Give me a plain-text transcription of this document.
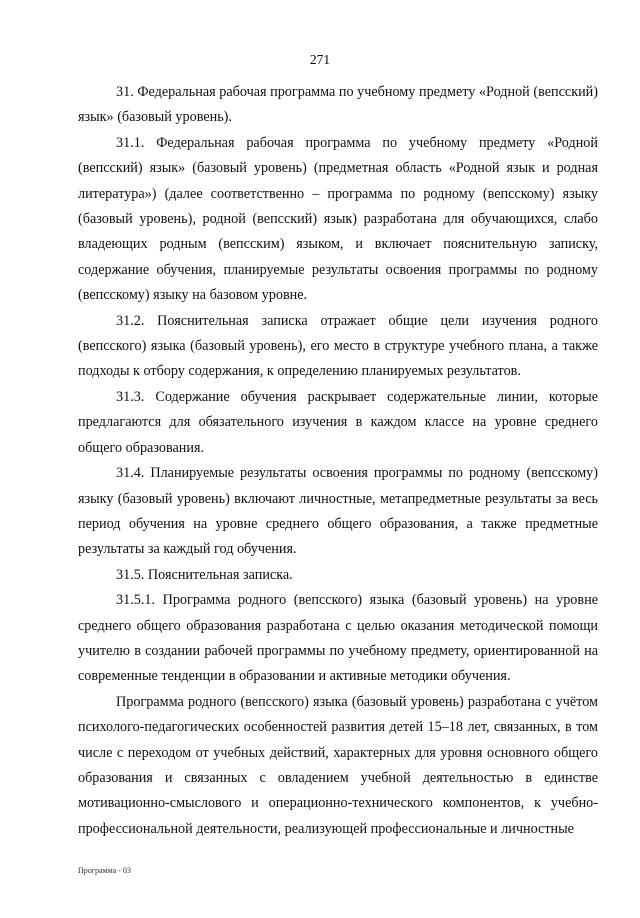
271

31. Федеральная рабочая программа по учебному предмету «Родной (вепсский) язык» (базовый уровень).

31.1. Федеральная рабочая программа по учебному предмету «Родной (вепсский) язык» (базовый уровень) (предметная область «Родной язык и родная литература») (далее соответственно – программа по родному (вепсскому) языку (базовый уровень), родной (вепсский) язык) разработана для обучающихся, слабо владеющих родным (вепсским) языком, и включает пояснительную записку, содержание обучения, планируемые результаты освоения программы по родному (вепсскому) языку на базовом уровне.

31.2. Пояснительная записка отражает общие цели изучения родного (вепсского) языка (базовый уровень), его место в структуре учебного плана, а также подходы к отбору содержания, к определению планируемых результатов.

31.3. Содержание обучения раскрывает содержательные линии, которые предлагаются для обязательного изучения в каждом классе на уровне среднего общего образования.

31.4. Планируемые результаты освоения программы по родному (вепсскому) языку (базовый уровень) включают личностные, метапредметные результаты за весь период обучения на уровне среднего общего образования, а также предметные результаты за каждый год обучения.

31.5. Пояснительная записка.

31.5.1. Программа родного (вепсского) языка (базовый уровень) на уровне среднего общего образования разработана с целью оказания методической помощи учителю в создании рабочей программы по учебному предмету, ориентированной на современные тенденции в образовании и активные методики обучения.

Программа родного (вепсского) языка (базовый уровень) разработана с учётом психолого-педагогических особенностей развития детей 15–18 лет, связанных, в том числе с переходом от учебных действий, характерных для уровня основного общего образования и связанных с овладением учебной деятельностью в единстве мотивационно-смыслового и операционно-технического компонентов, к учебно-профессиональной деятельности, реализующей профессиональные и личностные

Программа - 03
